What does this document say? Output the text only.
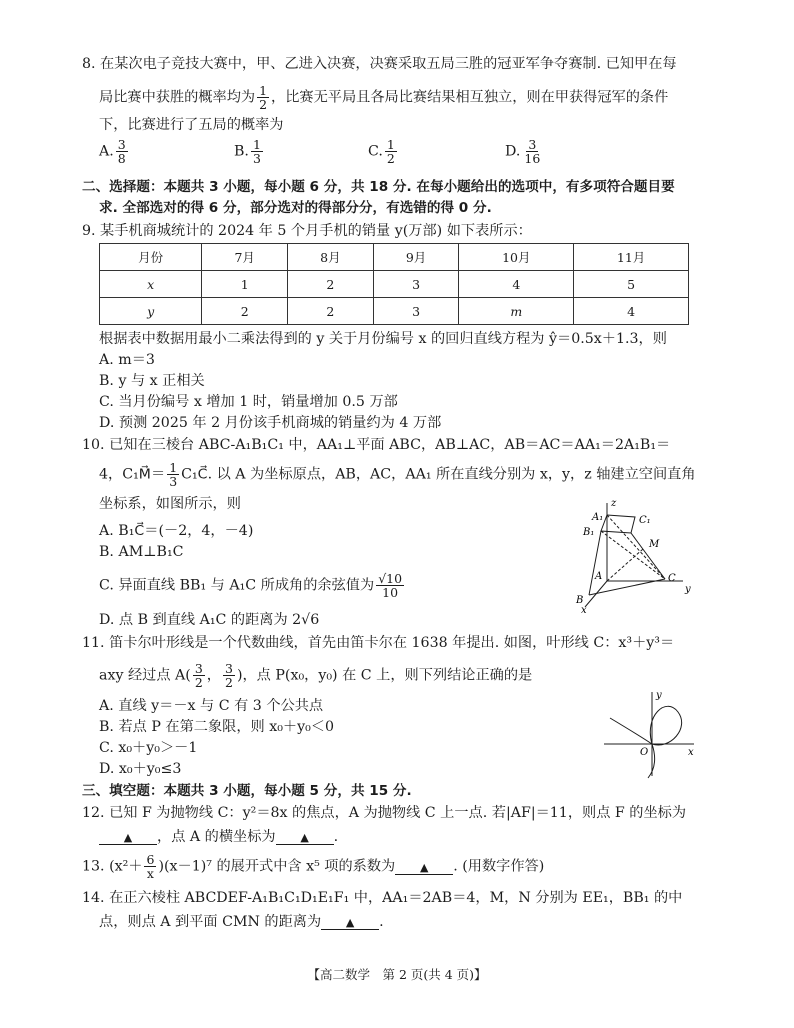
8. 在某次电子竞技大赛中，甲、乙进入决赛，决赛采取五局三胜的冠亚军争夺赛制. 已知甲在每
局比赛中获胜的概率均为 $\frac{1}{2}$ ，比赛无平局且各局比赛结果相互独立，则在甲获得冠军的条件
下，比赛进行了五局的概率为
A. $\frac{3}{8}$	B. $\frac{1}{3}$	C. $\frac{1}{2}$	D. $\frac{3}{16}$
二、选择题：本题共 3 小题，每小题 6 分，共 18 分. 在每小题给出的选项中，有多项符合题目要
求. 全部选对的得 6 分，部分选对的得部分分，有选错的得 0 分.
9. 某手机商城统计的 2024 年 5 个月手机的销量 y(万部) 如下表所示：
月份	7月	8月	9月	10月	11月
x	1	2	3	4	5
y	2	2	3	m	4
根据表中数据用最小二乘法得到的 y 关于月份编号 x 的回归直线方程为 ŷ＝0.5x＋1.3，则
A. m＝3
B. y 与 x 正相关
C. 当月份编号 x 增加 1 时，销量增加 0.5 万部
D. 预测 2025 年 2 月份该手机商城的销量约为 4 万部
10. 已知在三棱台 ABC-A₁B₁C₁ 中，AA₁⊥平面 ABC，AB⊥AC，AB＝AC＝AA₁＝2A₁B₁＝
4，C₁M⃗＝ $\frac{1}{3}$ C₁C⃗. 以 A 为坐标原点，AB，AC，AA₁ 所在直线分别为 x，y，z 轴建立空间直角
坐标系，如图所示，则
A. B₁C⃗＝(－2，4，－4)
B. AM⊥B₁C
C. 异面直线 BB₁ 与 A₁C 所成角的余弦值为 $\frac{√10}{10}$
D. 点 B 到直线 A₁C 的距离为 2√6
z
A₁	C₁
B₁
M
A	C
B
y
x
11. 笛卡尔叶形线是一个代数曲线，首先由笛卡尔在 1638 年提出. 如图，叶形线 C：x³＋y³＝
axy 经过点 $A( \frac{3}{2}$ ， $\frac{3}{2}$ )，点 P(x₀，y₀) 在 C 上，则下列结论正确的是
A. 直线 y＝－x 与 C 有 3 个公共点
B. 若点 P 在第二象限，则 x₀＋y₀＜0
C. x₀＋y₀＞－1
D. x₀＋y₀≤3
y
O	x
三、填空题：本题共 3 小题，每小题 5 分，共 15 分.
12. 已知 F 为抛物线 C：y²＝8x 的焦点，A 为抛物线 C 上一点. 若|AF|＝11，则点 F 的坐标为
▲ ，点 A 的横坐标为 ▲ .
13. $(x^2+ \frac{6}{x} )(x-1)^7$ 的展开式中含 x⁵ 项的系数为 ▲ . (用数字作答)
14. 在正六棱柱 ABCDEF-A₁B₁C₁D₁E₁F₁ 中，AA₁＝2AB＝4，M，N 分别为 EE₁，BB₁ 的中
点，则点 A 到平面 CMN 的距离为 ▲ .
【高二数学　第 2 页(共 4 页)】
